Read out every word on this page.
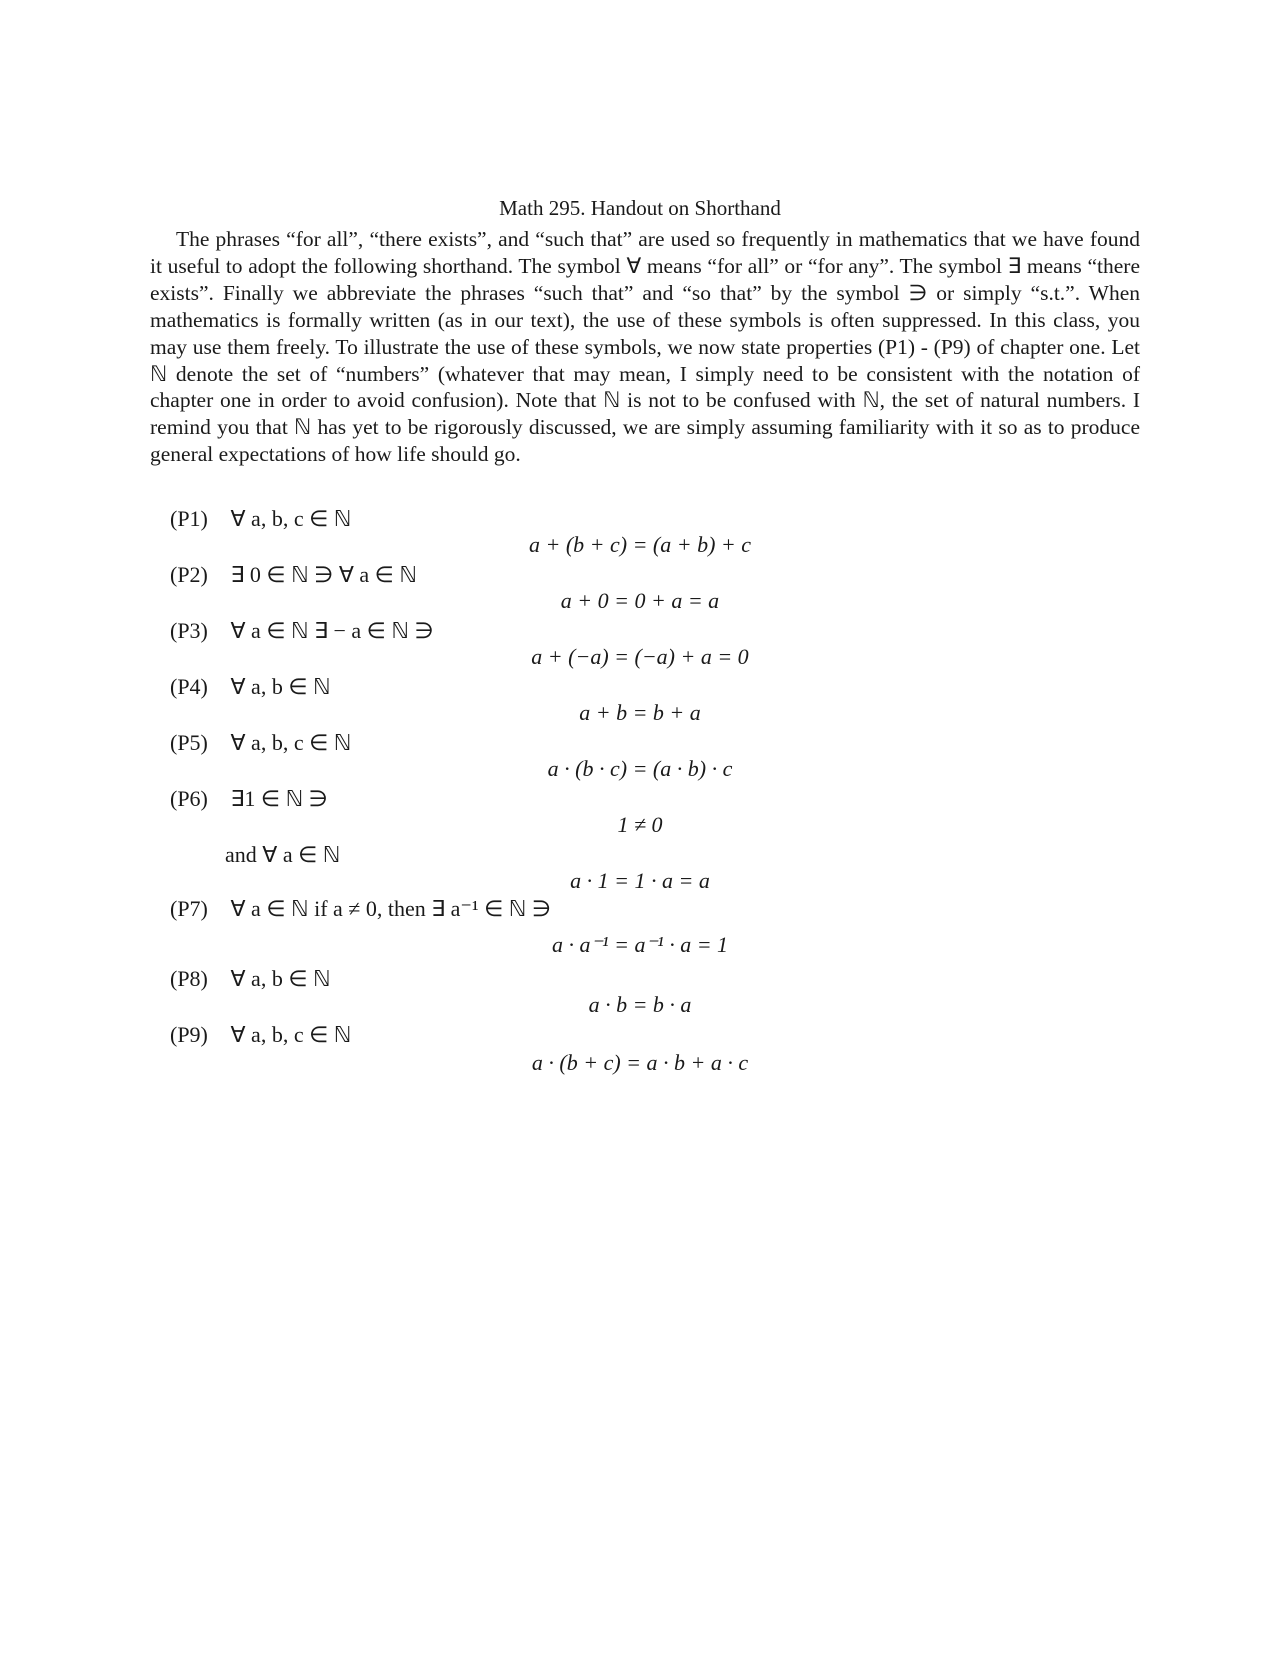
Math 295. Handout on Shorthand
The phrases “for all”, “there exists”, and “such that” are used so frequently in mathematics that we have found it useful to adopt the following shorthand. The symbol ∀ means “for all” or “for any”. The symbol ∃ means “there exists”. Finally we abbreviate the phrases “such that” and “so that” by the symbol ∋ or simply “s.t.”. When mathematics is formally written (as in our text), the use of these symbols is often suppressed. In this class, you may use them freely. To illustrate the use of these symbols, we now state properties (P1) - (P9) of chapter one. Let ℕ denote the set of “numbers” (whatever that may mean, I simply need to be consistent with the notation of chapter one in order to avoid confusion). Note that ℕ is not to be confused with ℕ, the set of natural numbers. I remind you that ℕ has yet to be rigorously discussed, we are simply assuming familiarity with it so as to produce general expectations of how life should go.
(P1) ∀ a, b, c ∈ ℕ
a + (b + c) = (a + b) + c
(P2) ∃ 0 ∈ ℕ ∋ ∀ a ∈ ℕ
a + 0 = 0 + a = a
(P3) ∀ a ∈ ℕ ∃ − a ∈ ℕ ∋
a + (−a) = (−a) + a = 0
(P4) ∀ a, b ∈ ℕ
a + b = b + a
(P5) ∀ a, b, c ∈ ℕ
a · (b · c) = (a · b) · c
(P6) ∃1 ∈ ℕ ∋
1 ≠ 0
and ∀ a ∈ ℕ
a · 1 = 1 · a = a
(P7) ∀ a ∈ ℕ if a ≠ 0, then ∃ a⁻¹ ∈ ℕ ∋
a · a⁻¹ = a⁻¹ · a = 1
(P8) ∀ a, b ∈ ℕ
a · b = b · a
(P9) ∀ a, b, c ∈ ℕ
a · (b + c) = a · b + a · c
